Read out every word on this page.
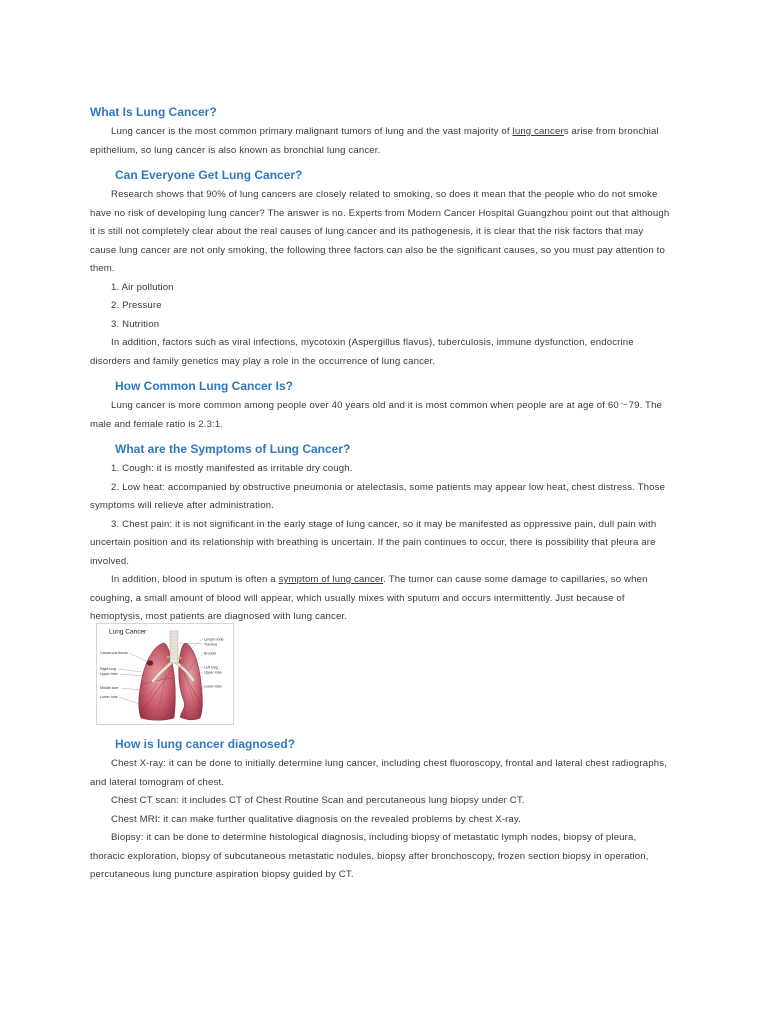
What Is Lung Cancer?
Lung cancer is the most common primary malignant tumors of lung and the vast majority of lung cancers arise from bronchial
epithelium, so lung cancer is also known as bronchial lung cancer.
Can Everyone Get Lung Cancer?
Research shows that 90% of lung cancers are closely related to smoking, so does it mean that the people who do not smoke
have no risk of developing lung cancer? The answer is no. Experts from Modern Cancer Hospital Guangzhou point out that although
it is still not completely clear about the real causes of lung cancer and its pathogenesis, it is clear that the risk factors that may
cause lung cancer are not only smoking, the following three factors can also be the significant causes, so you must pay attention to
them.
1. Air pollution
2. Pressure
3. Nutrition
In addition, factors such as viral infections, mycotoxin (Aspergillus flavus), tuberculosis, immune dysfunction, endocrine
disorders and family genetics may play a role in the occurrence of lung cancer.
How Common Lung Cancer Is?
Lung cancer is more common among people over 40 years old and it is most common when people are at age of 60～79. The
male and female ratio is 2.3:1.
What are the Symptoms of Lung Cancer?
1. Cough: it is mostly manifested as irritable dry cough.
2. Low heat: accompanied by obstructive pneumonia or atelectasis, some patients may appear low heat, chest distress. Those
symptoms will relieve after administration.
3. Chest pain: it is not significant in the early stage of lung cancer, so it may be manifested as oppressive pain, dull pain with
uncertain position and its relationship with breathing is uncertain. If the pain continues to occur, there is possibility that pleura are
involved.
In addition, blood in sputum is often a symptom of lung cancer. The tumor can cause some damage to capillaries, so when
coughing, a small amount of blood will appear, which usually mixes with sputum and occurs intermittently. Just because of
hemoptysis, most patients are diagnosed with lung cancer.
Lung Cancer
Cancerous tissue
Right lung
Upper lobe
Middle lobe
Lower lobe
Lymph node
Trachea
Bronchi
Left lung
Upper lobe
Lower lobe
How is lung cancer diagnosed?
Chest X-ray: it can be done to initially determine lung cancer, including chest fluoroscopy, frontal and lateral chest radiographs,
and lateral tomogram of chest.
Chest CT scan: it includes CT of Chest Routine Scan and percutaneous lung biopsy under CT.
Chest MRI: it can make further qualitative diagnosis on the revealed problems by chest X-ray.
Biopsy: it can be done to determine histological diagnosis, including biopsy of metastatic lymph nodes, biopsy of pleura,
thoracic exploration, biopsy of subcutaneous metastatic nodules, biopsy after bronchoscopy, frozen section biopsy in operation,
percutaneous lung puncture aspiration biopsy guided by CT.
